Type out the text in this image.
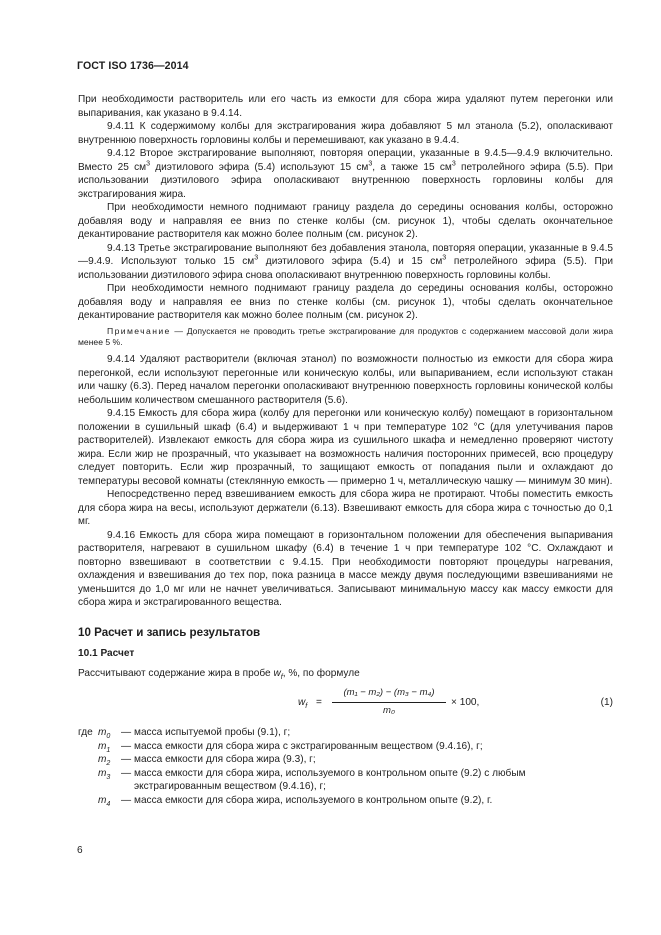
ГОСТ ISO 1736—2014

При необходимости растворитель или его часть из емкости для сбора жира удаляют путем перегонки или выпаривания, как указано в 9.4.14.

9.4.11 К содержимому колбы для экстрагирования жира добавляют 5 мл этанола (5.2), ополаскивают внутреннюю поверхность горловины колбы и перемешивают, как указано в 9.4.4.

9.4.12 Второе экстрагирование выполняют, повторяя операции, указанные в 9.4.5—9.4.9 включительно. Вместо 25 $см^3$ диэтилового эфира (5.4) используют 15 $см^3$, а также 15 $см^3$ петролейного эфира (5.5). При использовании диэтилового эфира ополаскивают внутреннюю поверхность горловины колбы для экстрагирования жира.

При необходимости немного поднимают границу раздела до середины основания колбы, осторожно добавляя воду и направляя ее вниз по стенке колбы (см. рисунок 1), чтобы сделать окончательное декантирование растворителя как можно более полным (см. рисунок 2).

9.4.13 Третье экстрагирование выполняют без добавления этанола, повторяя операции, указанные в 9.4.5—9.4.9. Используют только 15 $см^3$ диэтилового эфира (5.4) и 15 $см^3$ петролейного эфира (5.5). При использовании диэтилового эфира снова ополаскивают внутреннюю поверхность горловины колбы.

При необходимости немного поднимают границу раздела до середины основания колбы, осторожно добавляя воду и направляя ее вниз по стенке колбы (см. рисунок 1), чтобы сделать окончательное декантирование растворителя как можно более полным (см. рисунок 2).

Примечание — Допускается не проводить третье экстрагирование для продуктов с содержанием массовой доли жира менее 5 %.

9.4.14 Удаляют растворители (включая этанол) по возможности полностью из емкости для сбора жира перегонкой, если используют перегонные или коническую колбы, или выпариванием, если используют стакан или чашку (6.3). Перед началом перегонки ополаскивают внутреннюю поверхность горловины конической колбы небольшим количеством смешанного растворителя (5.6).

9.4.15 Емкость для сбора жира (колбу для перегонки или коническую колбу) помещают в горизонтальном положении в сушильный шкаф (6.4) и выдерживают 1 ч при температуре 102 °С (для улетучивания паров растворителей). Извлекают емкость для сбора жира из сушильного шкафа и немедленно проверяют чистоту жира. Если жир не прозрачный, что указывает на возможность наличия посторонних примесей, всю процедуру следует повторить. Если жир прозрачный, то защищают емкость от попадания пыли и охлаждают до температуры весовой комнаты (стеклянную емкость — примерно 1 ч, металлическую чашку — минимум 30 мин).

Непосредственно перед взвешиванием емкость для сбора жира не протирают. Чтобы поместить емкость для сбора жира на весы, используют держатели (6.13). Взвешивают емкость для сбора жира с точностью до 0,1 мг.

9.4.16 Емкость для сбора жира помещают в горизонтальном положении для обеспечения выпаривания растворителя, нагревают в сушильном шкафу (6.4) в течение 1 ч при температуре 102 °С. Охлаждают и повторно взвешивают в соответствии с 9.4.15. При необходимости повторяют процедуры нагревания, охлаждения и взвешивания до тех пор, пока разница в массе между двумя последующими взвешиваниями не уменьшится до 1,0 мг или не начнет увеличиваться. Записывают минимальную массу как массу емкости для сбора жира и экстрагированного вещества.

10 Расчет и запись результатов

10.1 Расчет

Рассчитывают содержание жира в пробе $w_f$, %, по формуле

$w_f = \frac{\text{(m₁ − m₂) − (m₃ − m₄)}}{\text{m₀}} \times 100$,	(1)
где $m_0$	— масса испытуемой пробы (9.1), г;
$m_1$	— масса емкости для сбора жира с экстрагированным веществом (9.4.16), г;
$m_2$	— масса емкости для сбора жира (9.3), г;
$m_3$	— масса емкости для сбора жира, используемого в контрольном опыте (9.2) с любым экстрагированным веществом (9.4.16), г;
$m_4$	— масса емкости для сбора жира, используемого в контрольном опыте (9.2), г.
6
